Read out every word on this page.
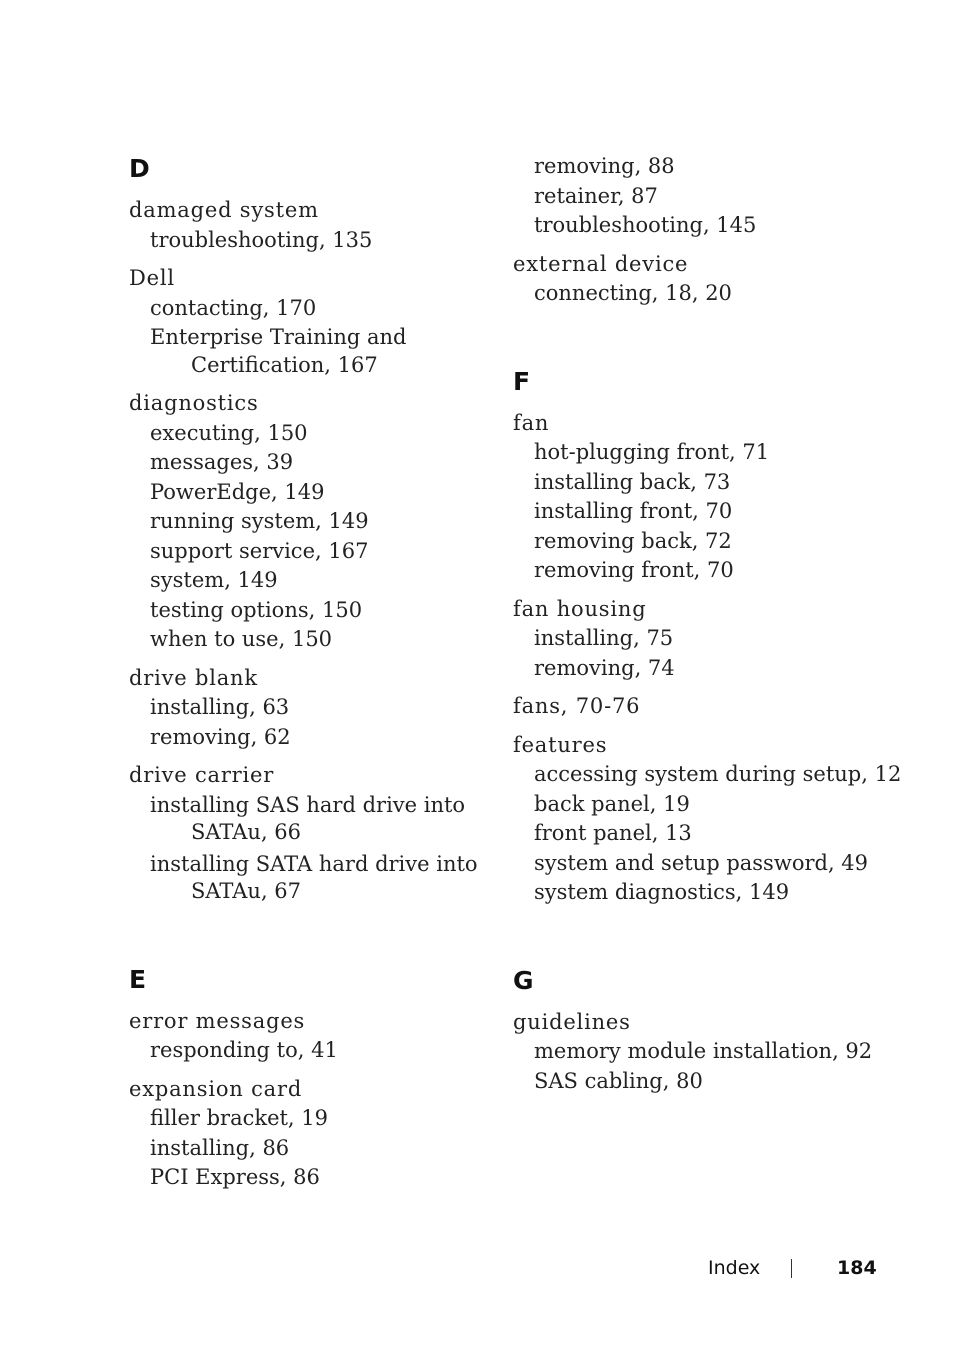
D
damaged system
troubleshooting, 135
Dell
contacting, 170
Enterprise Training and
Certification, 167
diagnostics
executing, 150
messages, 39
PowerEdge, 149
running system, 149
support service, 167
system, 149
testing options, 150
when to use, 150
drive blank
installing, 63
removing, 62
drive carrier
installing SAS hard drive into
SATAu, 66
installing SATA hard drive into
SATAu, 67
E
error messages
responding to, 41
expansion card
filler bracket, 19
installing, 86
PCI Express, 86
removing, 88
retainer, 87
troubleshooting, 145
external device
connecting, 18, 20
F
fan
hot-plugging front, 71
installing back, 73
installing front, 70
removing back, 72
removing front, 70
fan housing
installing, 75
removing, 74
fans, 70-76
features
accessing system during setup, 12
back panel, 19
front panel, 13
system and setup password, 49
system diagnostics, 149
G
guidelines
memory module installation, 92
SAS cabling, 80
Index	184
